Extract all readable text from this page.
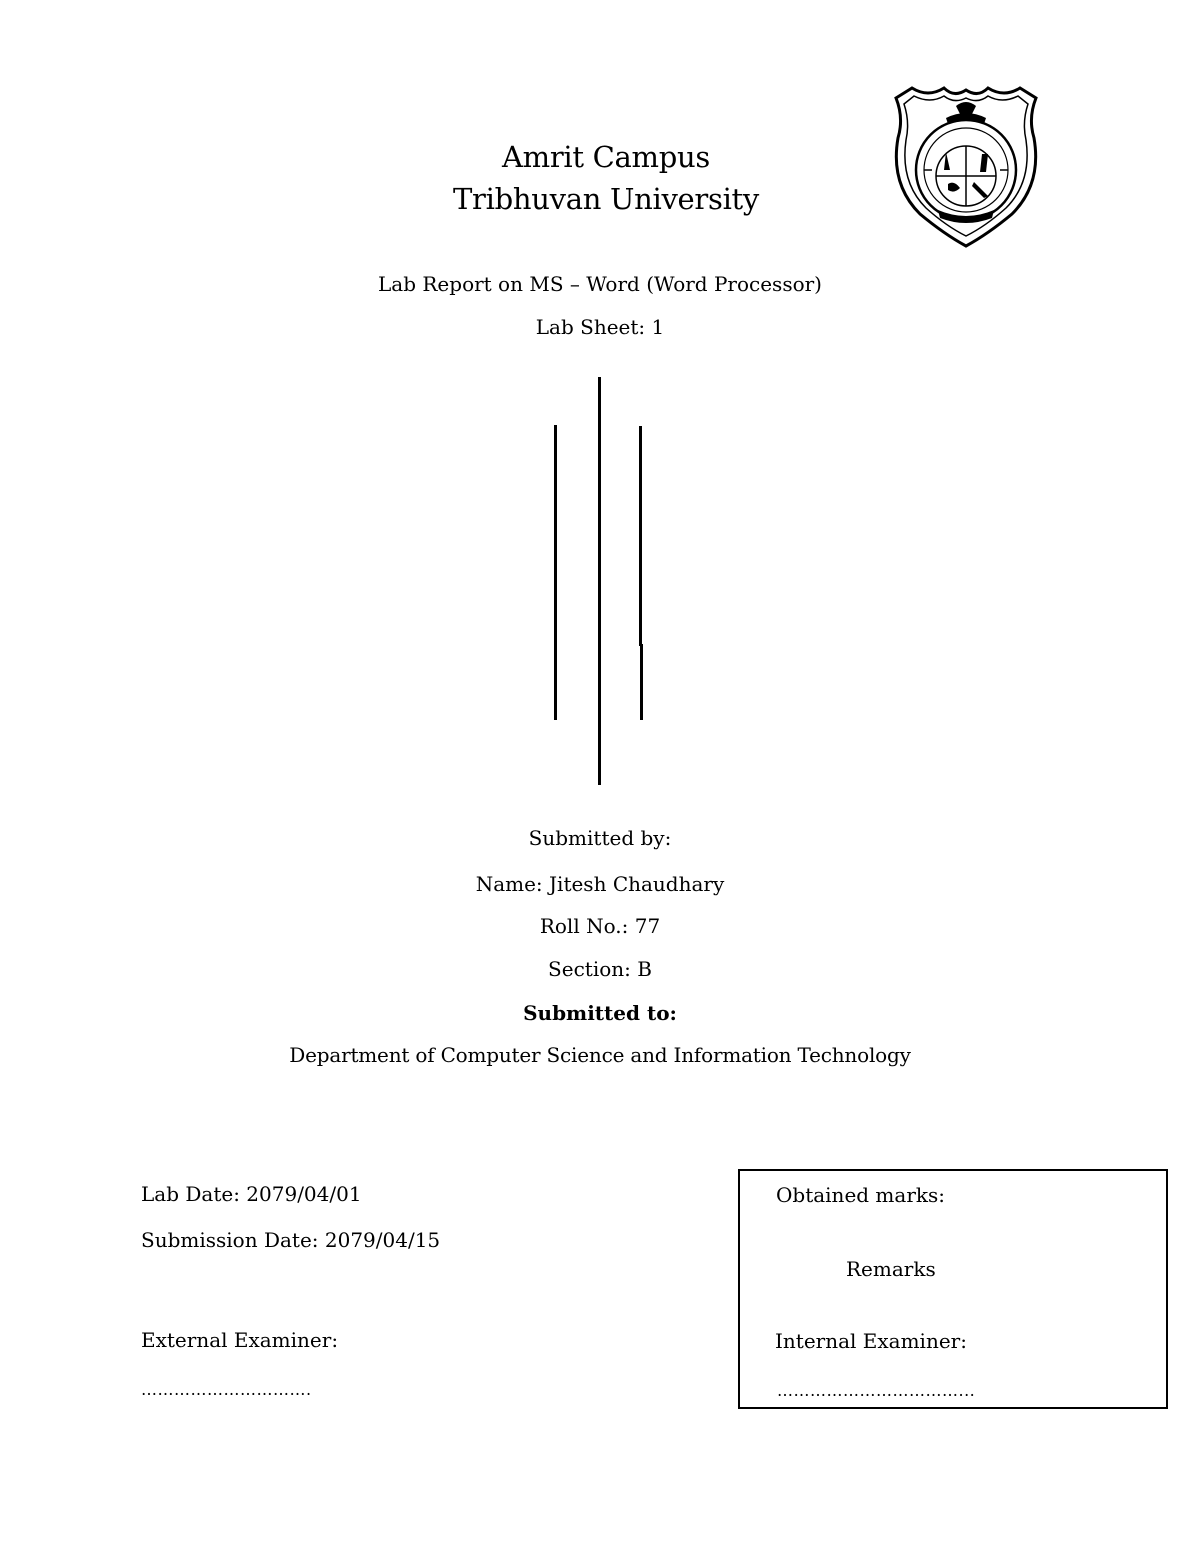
Amrit Campus
Tribhuvan University
Lab Report on MS – Word (Word Processor)
Lab Sheet: 1
Submitted by:
Name: Jitesh Chaudhary
Roll No.: 77
Section: B
Submitted to:
Department of Computer Science and Information Technology
Lab Date: 2079/04/01
Submission Date: 2079/04/15
External Examiner:
………………………….
Obtained marks:
Remarks
Internal Examiner:
……………………………...
